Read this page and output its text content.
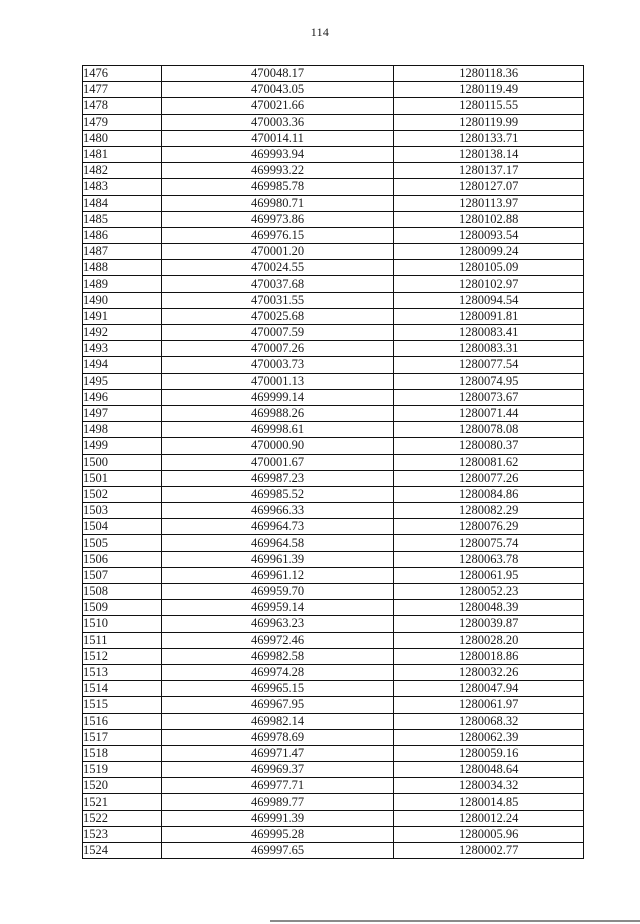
114
1476	470048.17	1280118.36
1477	470043.05	1280119.49
1478	470021.66	1280115.55
1479	470003.36	1280119.99
1480	470014.11	1280133.71
1481	469993.94	1280138.14
1482	469993.22	1280137.17
1483	469985.78	1280127.07
1484	469980.71	1280113.97
1485	469973.86	1280102.88
1486	469976.15	1280093.54
1487	470001.20	1280099.24
1488	470024.55	1280105.09
1489	470037.68	1280102.97
1490	470031.55	1280094.54
1491	470025.68	1280091.81
1492	470007.59	1280083.41
1493	470007.26	1280083.31
1494	470003.73	1280077.54
1495	470001.13	1280074.95
1496	469999.14	1280073.67
1497	469988.26	1280071.44
1498	469998.61	1280078.08
1499	470000.90	1280080.37
1500	470001.67	1280081.62
1501	469987.23	1280077.26
1502	469985.52	1280084.86
1503	469966.33	1280082.29
1504	469964.73	1280076.29
1505	469964.58	1280075.74
1506	469961.39	1280063.78
1507	469961.12	1280061.95
1508	469959.70	1280052.23
1509	469959.14	1280048.39
1510	469963.23	1280039.87
1511	469972.46	1280028.20
1512	469982.58	1280018.86
1513	469974.28	1280032.26
1514	469965.15	1280047.94
1515	469967.95	1280061.97
1516	469982.14	1280068.32
1517	469978.69	1280062.39
1518	469971.47	1280059.16
1519	469969.37	1280048.64
1520	469977.71	1280034.32
1521	469989.77	1280014.85
1522	469991.39	1280012.24
1523	469995.28	1280005.96
1524	469997.65	1280002.77
